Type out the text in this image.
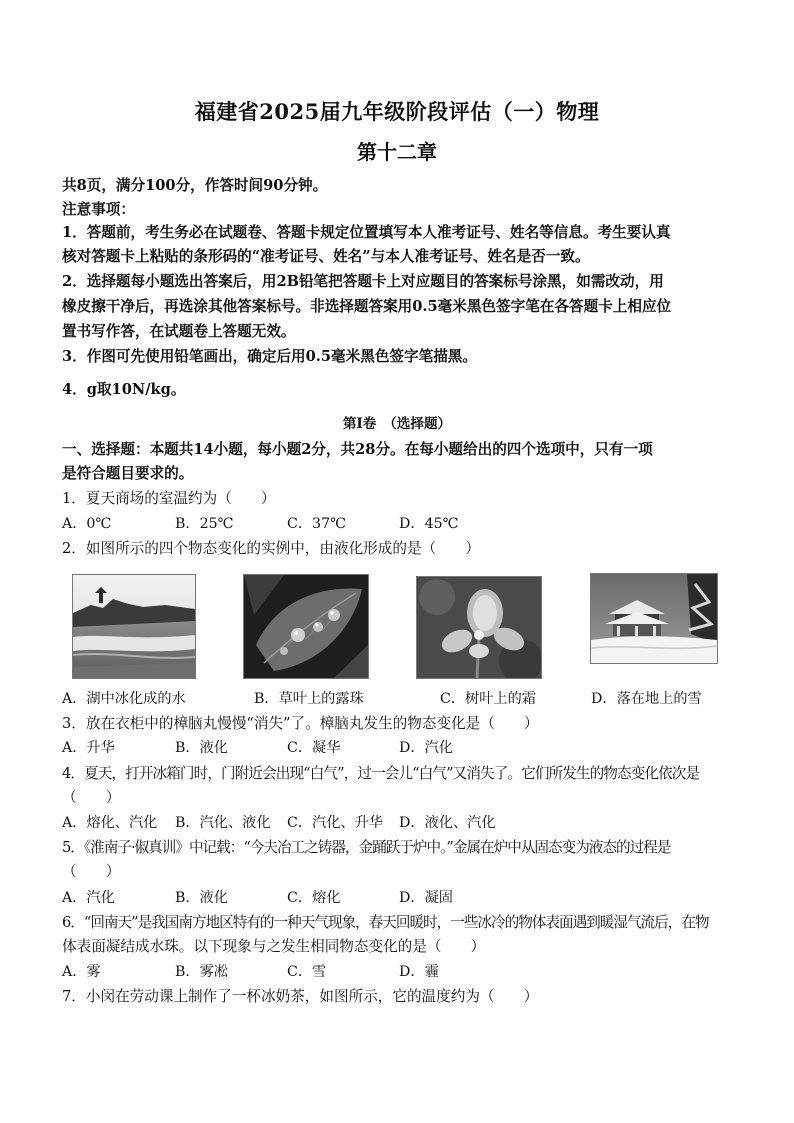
福建省2025届九年级阶段评估（一）物理
第十二章
共8页，满分100分，作答时间90分钟。
注意事项：
1．答题前，考生务必在试题卷、答题卡规定位置填写本人准考证号、姓名等信息。考生要认真
核对答题卡上粘贴的条形码的“准考证号、姓名”与本人准考证号、姓名是否一致。
2．选择题每小题选出答案后，用2B铅笔把答题卡上对应题目的答案标号涂黑，如需改动，用
橡皮擦干净后，再选涂其他答案标号。非选择题答案用0.5毫米黑色签字笔在各答题卡上相应位
置书写作答，在试题卷上答题无效。
3．作图可先使用铅笔画出，确定后用0.5毫米黑色签字笔描黑。
4．g取10N/kg。
第Ⅰ卷　（选择题）
一、选择题：本题共14小题，每小题2分，共28分。在每小题给出的四个选项中，只有一项
是符合题目要求的。
1．夏天商场的室温约为（　　）
A．0℃	B．25℃	C．37℃	D．45℃
2．如图所示的四个物态变化的实例中，由液化形成的是（　　）
A．湖中冰化成的水	B．草叶上的露珠	C．树叶上的霜	D．落在地上的雪
3．放在衣柜中的樟脑丸慢慢“消失”了。樟脑丸发生的物态变化是（　　）
A．升华	B．液化	C．凝华	D．汽化
4．夏天，打开冰箱门时，门附近会出现“白气”，过一会儿“白气”又消失了。它们所发生的物态变化依次是
（　　）
A．熔化、汽化 B．汽化、液化 C．汽化、升华 D．液化、汽化
5．《淮南子·俶真训》中记载：“今夫冶工之铸器，金踊跃于炉中。”金属在炉中从固态变为液态的过程是
（　　）
A．汽化	B．液化	C．熔化	D．凝固
6．“回南天”是我国南方地区特有的一种天气现象，春天回暖时，一些冰冷的物体表面遇到暖湿气流后，在物
体表面凝结成水珠。以下现象与之发生相同物态变化的是（　　）
A．雾	B．雾凇	C．雪	D．霾
7．小闵在劳动课上制作了一杯冰奶茶，如图所示，它的温度约为（　　）
